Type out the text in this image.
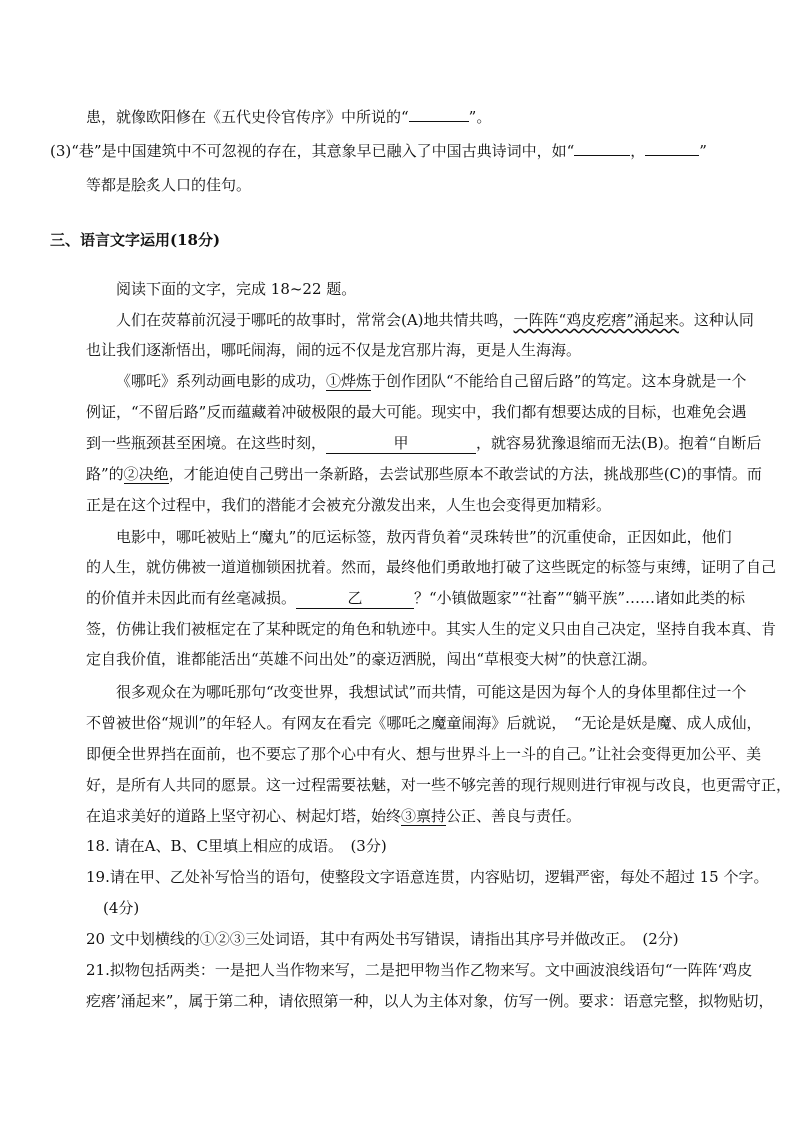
患，就像欧阳修在《五代史伶官传序》中所说的“	”。
(3)“巷”是中国建筑中不可忽视的存在，其意象早已融入了中国古典诗词中，如“	，	”
等都是脍炙人口的佳句。
三、语言文字运用(18分)
阅读下面的文字，完成 18~22 题。
人们在荧幕前沉浸于哪吒的故事时，常常会(A)地共情共鸣，一阵阵“鸡皮疙瘩”涌起来。这种认同
也让我们逐渐悟出，哪吒闹海，闹的远不仅是龙宫那片海，更是人生海海。
《哪吒》系列动画电影的成功，①烨炼于创作团队“不能给自己留后路”的笃定。这本身就是一个
例证，“不留后路”反而蕴藏着冲破极限的最大可能。现实中，我们都有想要达成的目标，也难免会遇
到一些瓶颈甚至困境。在这些时刻，	甲	，就容易犹豫退缩而无法(B)。抱着“自断后
路”的②决绝，才能迫使自己劈出一条新路，去尝试那些原本不敢尝试的方法，挑战那些(C)的事情。而
正是在这个过程中，我们的潜能才会被充分激发出来，人生也会变得更加精彩。
电影中，哪吒被贴上“魔丸”的厄运标签，敖丙背负着“灵珠转世”的沉重使命，正因如此，他们
的人生，就仿佛被一道道枷锁困扰着。然而，最终他们勇敢地打破了这些既定的标签与束缚，证明了自己
的价值并未因此而有丝毫减损。	乙	？“小镇做题家”“社畜”“躺平族”……诸如此类的标
签，仿佛让我们被框定在了某种既定的角色和轨迹中。其实人生的定义只由自己决定，坚持自我本真、肯
定自我价值，谁都能活出“英雄不问出处”的豪迈洒脱，闯出“草根变大树”的快意江湖。
很多观众在为哪吒那句“改变世界，我想试试”而共情，可能这是因为每个人的身体里都住过一个
不曾被世俗“规训”的年轻人。有网友在看完《哪吒之魔童闹海》后就说，　“无论是妖是魔、成人成仙，
即便全世界挡在面前，也不要忘了那个心中有火、想与世界斗上一斗的自己。”让社会变得更加公平、美
好，是所有人共同的愿景。这一过程需要祛魅，对一些不够完善的现行规则进行审视与改良，也更需守正，
在追求美好的道路上坚守初心、树起灯塔，始终③禀持公正、善良与责任。
18. 请在A、B、C里填上相应的成语。　(3分)
19.请在甲、乙处补写恰当的语句，使整段文字语意连贯，内容贴切，逻辑严密，每处不超过 15 个字。
(4分)
20 文中划横线的①②③三处词语，其中有两处书写错误，请指出其序号并做改正。　(2分)
21.拟物包括两类：一是把人当作物来写，二是把甲物当作乙物来写。文中画波浪线语句“一阵阵‘鸡皮
疙瘩’涌起来”，属于第二种，请依照第一种，以人为主体对象，仿写一例。要求：语意完整，拟物贴切，
